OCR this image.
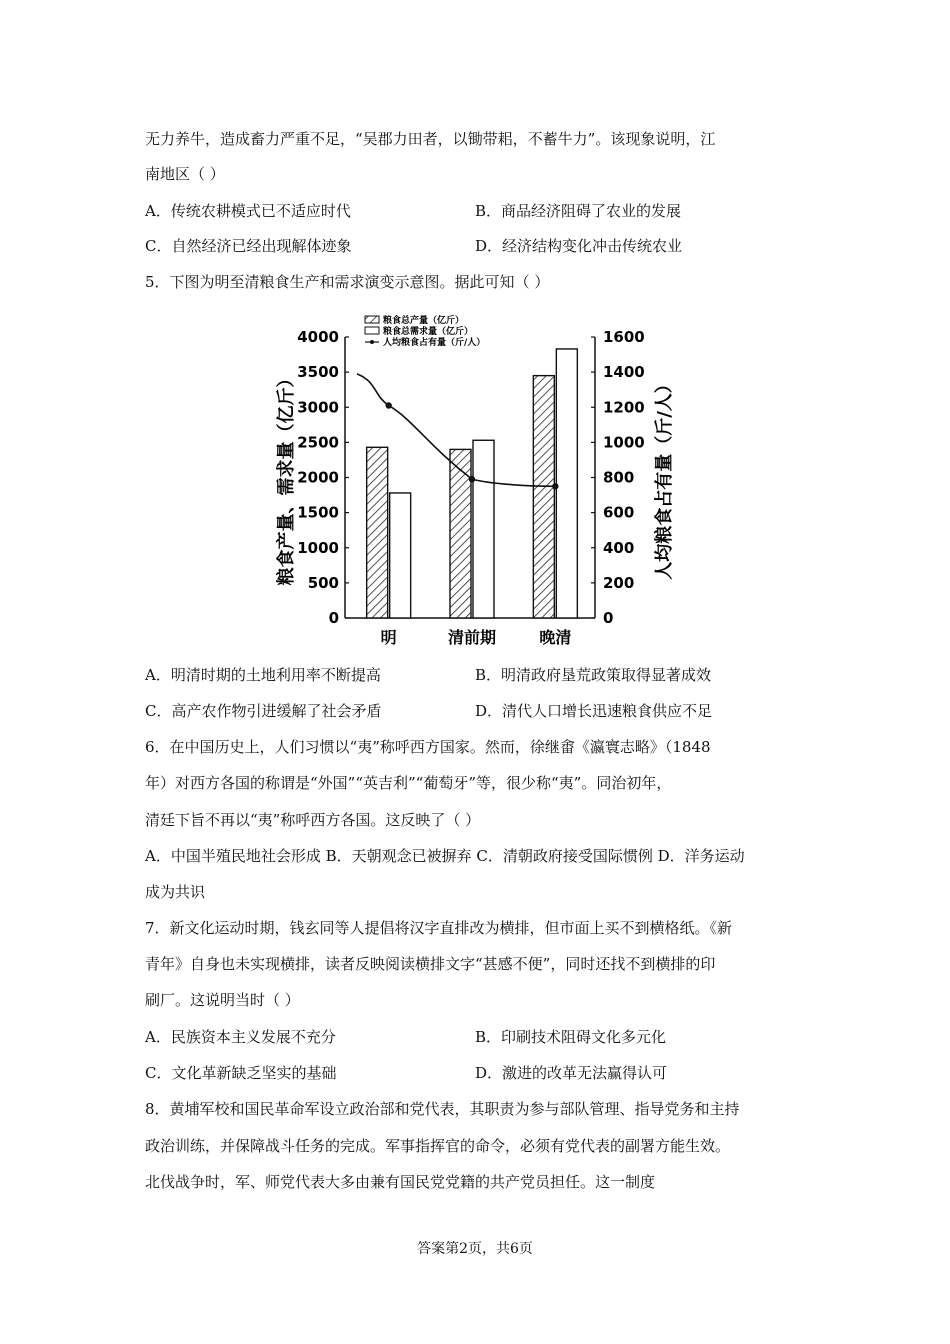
无力养牛，造成畜力严重不足，“吴郡力田者，以锄带耜，不蓄牛力”。该现象说明，江
南地区（ ）
A．传统农耕模式已不适应时代	B．商品经济阻碍了农业的发展
C．自然经济已经出现解体迹象	D．经济结构变化冲击传统农业
5．下图为明至清粮食生产和需求演变示意图。据此可知（ ）
0
500
1000
1500
2000
2500
3000
3500
4000
0
200
400
600
800
1000
1200
1400
1600
明	清前期	晚清
粮食总产量（亿斤）
粮食总需求量（亿斤）
人均粮食占有量（斤/人）
粮食产量、需求量（亿斤）	人均粮食占有量（斤/人）
A．明清时期的土地利用率不断提高	B．明清政府垦荒政策取得显著成效
C．高产农作物引进缓解了社会矛盾	D．清代人口增长迅速粮食供应不足
6．在中国历史上，人们习惯以“夷”称呼西方国家。然而，徐继畬《瀛寰志略》（1848
年）对西方各国的称谓是“外国”“英吉利”“葡萄牙”等，很少称“夷”。同治初年，
清廷下旨不再以“夷”称呼西方各国。这反映了（ ）
A．中国半殖民地社会形成 B．天朝观念已被摒弃 C．清朝政府接受国际惯例 D．洋务运动
成为共识
7．新文化运动时期，钱玄同等人提倡将汉字直排改为横排，但市面上买不到横格纸。《新
青年》自身也未实现横排，读者反映阅读横排文字“甚感不便”，同时还找不到横排的印
刷厂。这说明当时（ ）
A．民族资本主义发展不充分	B．印刷技术阻碍文化多元化
C．文化革新缺乏坚实的基础	D．激进的改革无法赢得认可
8．黄埔军校和国民革命军设立政治部和党代表，其职责为参与部队管理、指导党务和主持
政治训练，并保障战斗任务的完成。军事指挥官的命令，必须有党代表的副署方能生效。
北伐战争时，军、师党代表大多由兼有国民党党籍的共产党员担任。这一制度
答案第2页，共6页
